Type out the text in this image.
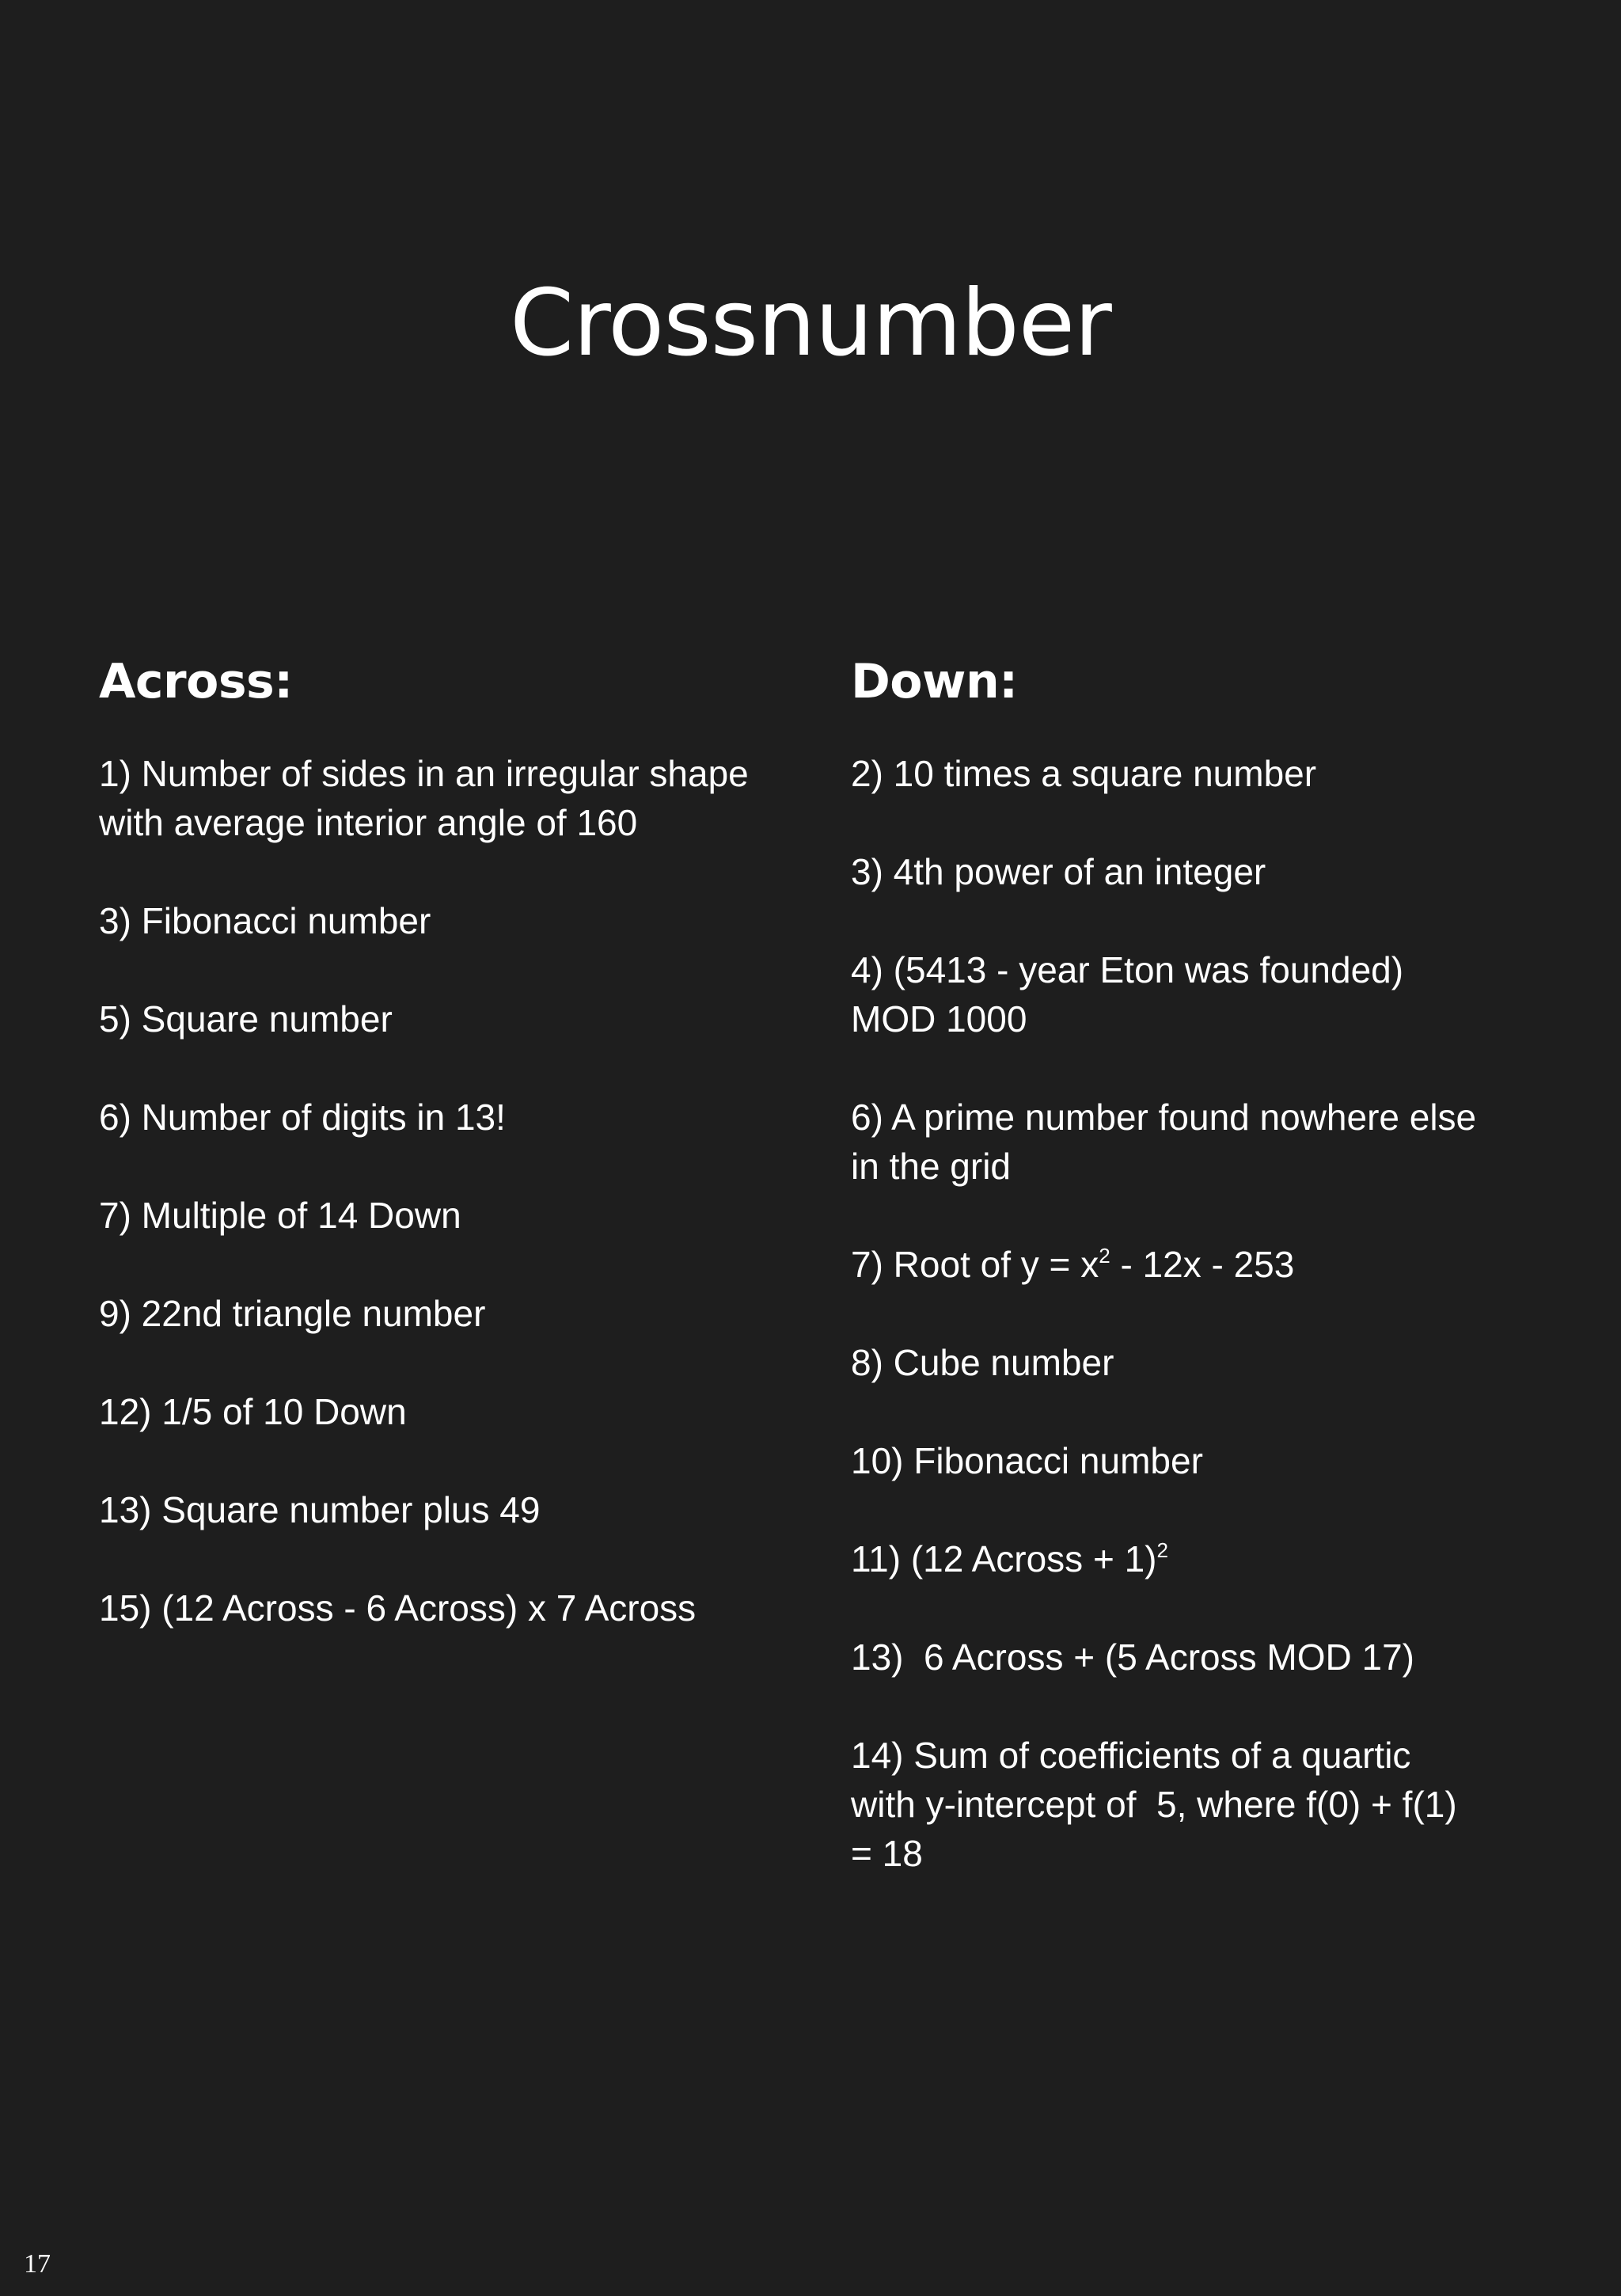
Crossnumber
Across:

1) Number of sides in an irregular shape
with average interior angle of 160

3) Fibonacci number

5) Square number

6) Number of digits in 13!

7) Multiple of 14 Down

9) 22nd triangle number

12) 1/5 of 10 Down

13) Square number plus 49

15) (12 Across - 6 Across) x 7 Across

Down:

2) 10 times a square number

3) 4th power of an integer

4) (5413 - year Eton was founded)
MOD 1000

6) A prime number found nowhere else
in the grid

7) Root of $y = x^2 - 12x - 253$

8) Cube number

10) Fibonacci number

11) (12 Across + 1)$^2$

13)  6 Across + (5 Across MOD 17)

14) Sum of coefficients of a quartic
with y-intercept of  5, where f(0) + f(1)
= 18

17
